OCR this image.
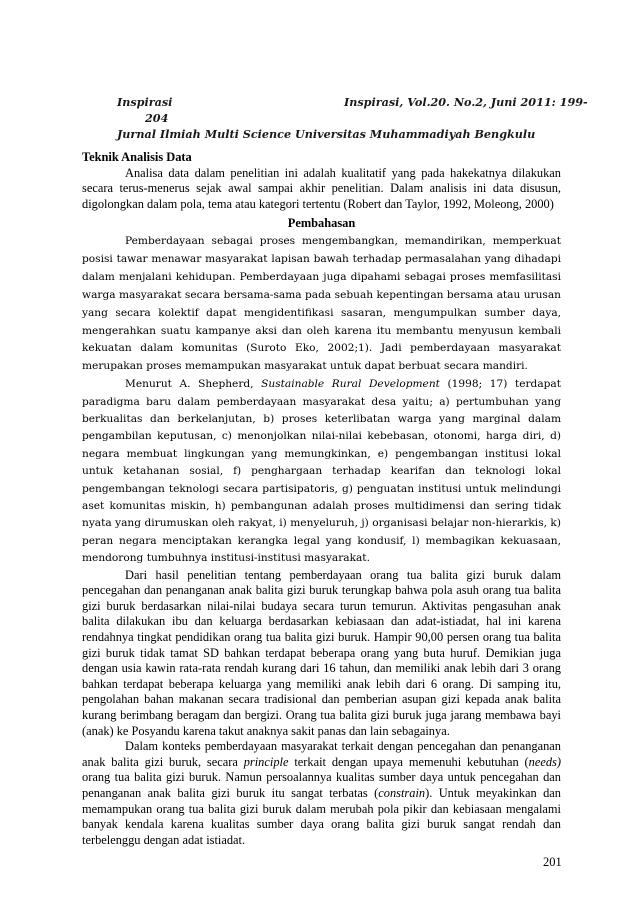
Inspirasi	Inspirasi, Vol.20. No.2, Juni 2011: 199-
204
Jurnal Ilmiah Multi Science Universitas Muhammadiyah Bengkulu
Teknik Analisis Data

Analisa data dalam penelitian ini adalah kualitatif yang pada hakekatnya dilakukan secara terus-menerus sejak awal sampai akhir penelitian. Dalam analisis ini data disusun, digolongkan dalam pola, tema atau kategori tertentu (Robert dan Taylor, 1992, Moleong, 2000)

Pembahasan

Pemberdayaan sebagai proses mengembangkan, memandirikan, memperkuat posisi tawar menawar masyarakat lapisan bawah terhadap permasalahan yang dihadapi dalam menjalani kehidupan. Pemberdayaan juga dipahami sebagai proses memfasilitasi warga masyarakat secara bersama-sama pada sebuah kepentingan bersama atau urusan yang secara kolektif dapat mengidentifikasi sasaran, mengumpulkan sumber daya, mengerahkan suatu kampanye aksi dan oleh karena itu membantu menyusun kembali kekuatan dalam komunitas (Suroto Eko, 2002;1). Jadi pemberdayaan masyarakat merupakan proses memampukan masyarakat untuk dapat berbuat secara mandiri.

Menurut A. Shepherd, Sustainable Rural Development (1998; 17) terdapat paradigma baru dalam pemberdayaan masyarakat desa yaitu; a) pertumbuhan yang berkualitas dan berkelanjutan, b) proses keterlibatan warga yang marginal dalam pengambilan keputusan, c) menonjolkan nilai-nilai kebebasan, otonomi, harga diri, d) negara membuat lingkungan yang memungkinkan, e) pengembangan institusi lokal untuk ketahanan sosial, f) penghargaan terhadap kearifan dan teknologi lokal pengembangan teknologi secara partisipatoris, g) penguatan institusi untuk melindungi aset komunitas miskin, h) pembangunan adalah proses multidimensi dan sering tidak nyata yang dirumuskan oleh rakyat, i) menyeluruh, j) organisasi belajar non-hierarkis, k) peran negara menciptakan kerangka legal yang kondusif, l) membagikan kekuasaan, mendorong tumbuhnya institusi-institusi masyarakat.

Dari hasil penelitian tentang pemberdayaan orang tua balita gizi buruk dalam pencegahan dan penanganan anak balita gizi buruk terungkap bahwa pola asuh orang tua balita gizi buruk berdasarkan nilai-nilai budaya secara turun temurun. Aktivitas pengasuhan anak balita dilakukan ibu dan keluarga berdasarkan kebiasaan dan adat-istiadat, hal ini karena rendahnya tingkat pendidikan orang tua balita gizi buruk. Hampir 90,00 persen orang tua balita gizi buruk tidak tamat SD bahkan terdapat beberapa orang yang buta huruf. Demikian juga dengan usia kawin rata-rata rendah kurang dari 16 tahun, dan memiliki anak lebih dari 3 orang bahkan terdapat beberapa keluarga yang memiliki anak lebih dari 6 orang. Di samping itu, pengolahan bahan makanan secara tradisional dan pemberian asupan gizi kepada anak balita kurang berimbang beragam dan bergizi. Orang tua balita gizi buruk juga jarang membawa bayi (anak) ke Posyandu karena takut anaknya sakit panas dan lain sebagainya.

Dalam konteks pemberdayaan masyarakat terkait dengan pencegahan dan penanganan anak balita gizi buruk, secara principle terkait dengan upaya memenuhi kebutuhan (needs) orang tua balita gizi buruk. Namun persoalannya kualitas sumber daya untuk pencegahan dan penanganan anak balita gizi buruk itu sangat terbatas (constrain). Untuk meyakinkan dan memampukan orang tua balita gizi buruk dalam merubah pola pikir dan kebiasaan mengalami banyak kendala karena kualitas sumber daya orang balita gizi buruk sangat rendah dan terbelenggu dengan adat istiadat.

201
